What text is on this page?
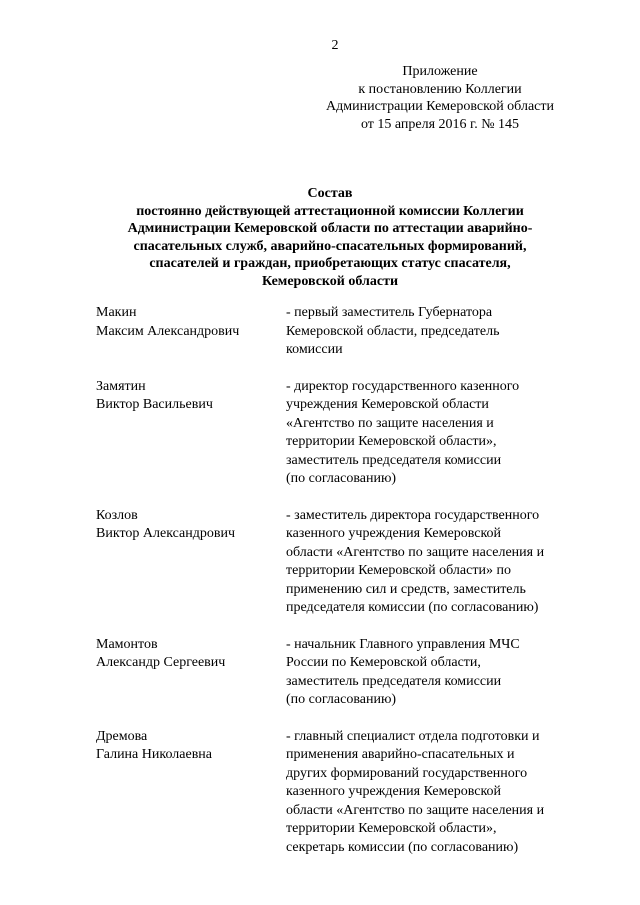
2
Приложение
к постановлению Коллегии
Администрации Кемеровской области
от 15 апреля 2016 г. № 145
Состав
постоянно действующей аттестационной комиссии Коллегии
Администрации Кемеровской области по аттестации аварийно-
спасательных служб, аварийно-спасательных формирований,
спасателей и граждан, приобретающих статус спасателя,
Кемеровской области
Макин
Максим Александрович
- первый заместитель Губернатора
Кемеровской области, председатель
комиссии
Замятин
Виктор Васильевич
- директор государственного казенного
учреждения Кемеровской области
«Агентство по защите населения и
территории Кемеровской области»,
заместитель председателя комиссии
(по согласованию)
Козлов
Виктор Александрович
- заместитель директора государственного
казенного учреждения Кемеровской
области «Агентство по защите населения и
территории Кемеровской области» по
применению сил и средств, заместитель
председателя комиссии (по согласованию)
Мамонтов
Александр Сергеевич
- начальник Главного управления МЧС
России по Кемеровской области,
заместитель председателя комиссии
(по согласованию)
Дремова
Галина Николаевна
- главный специалист отдела подготовки и
применения аварийно-спасательных и
других формирований государственного
казенного учреждения Кемеровской
области «Агентство по защите населения и
территории Кемеровской области»,
секретарь комиссии (по согласованию)
